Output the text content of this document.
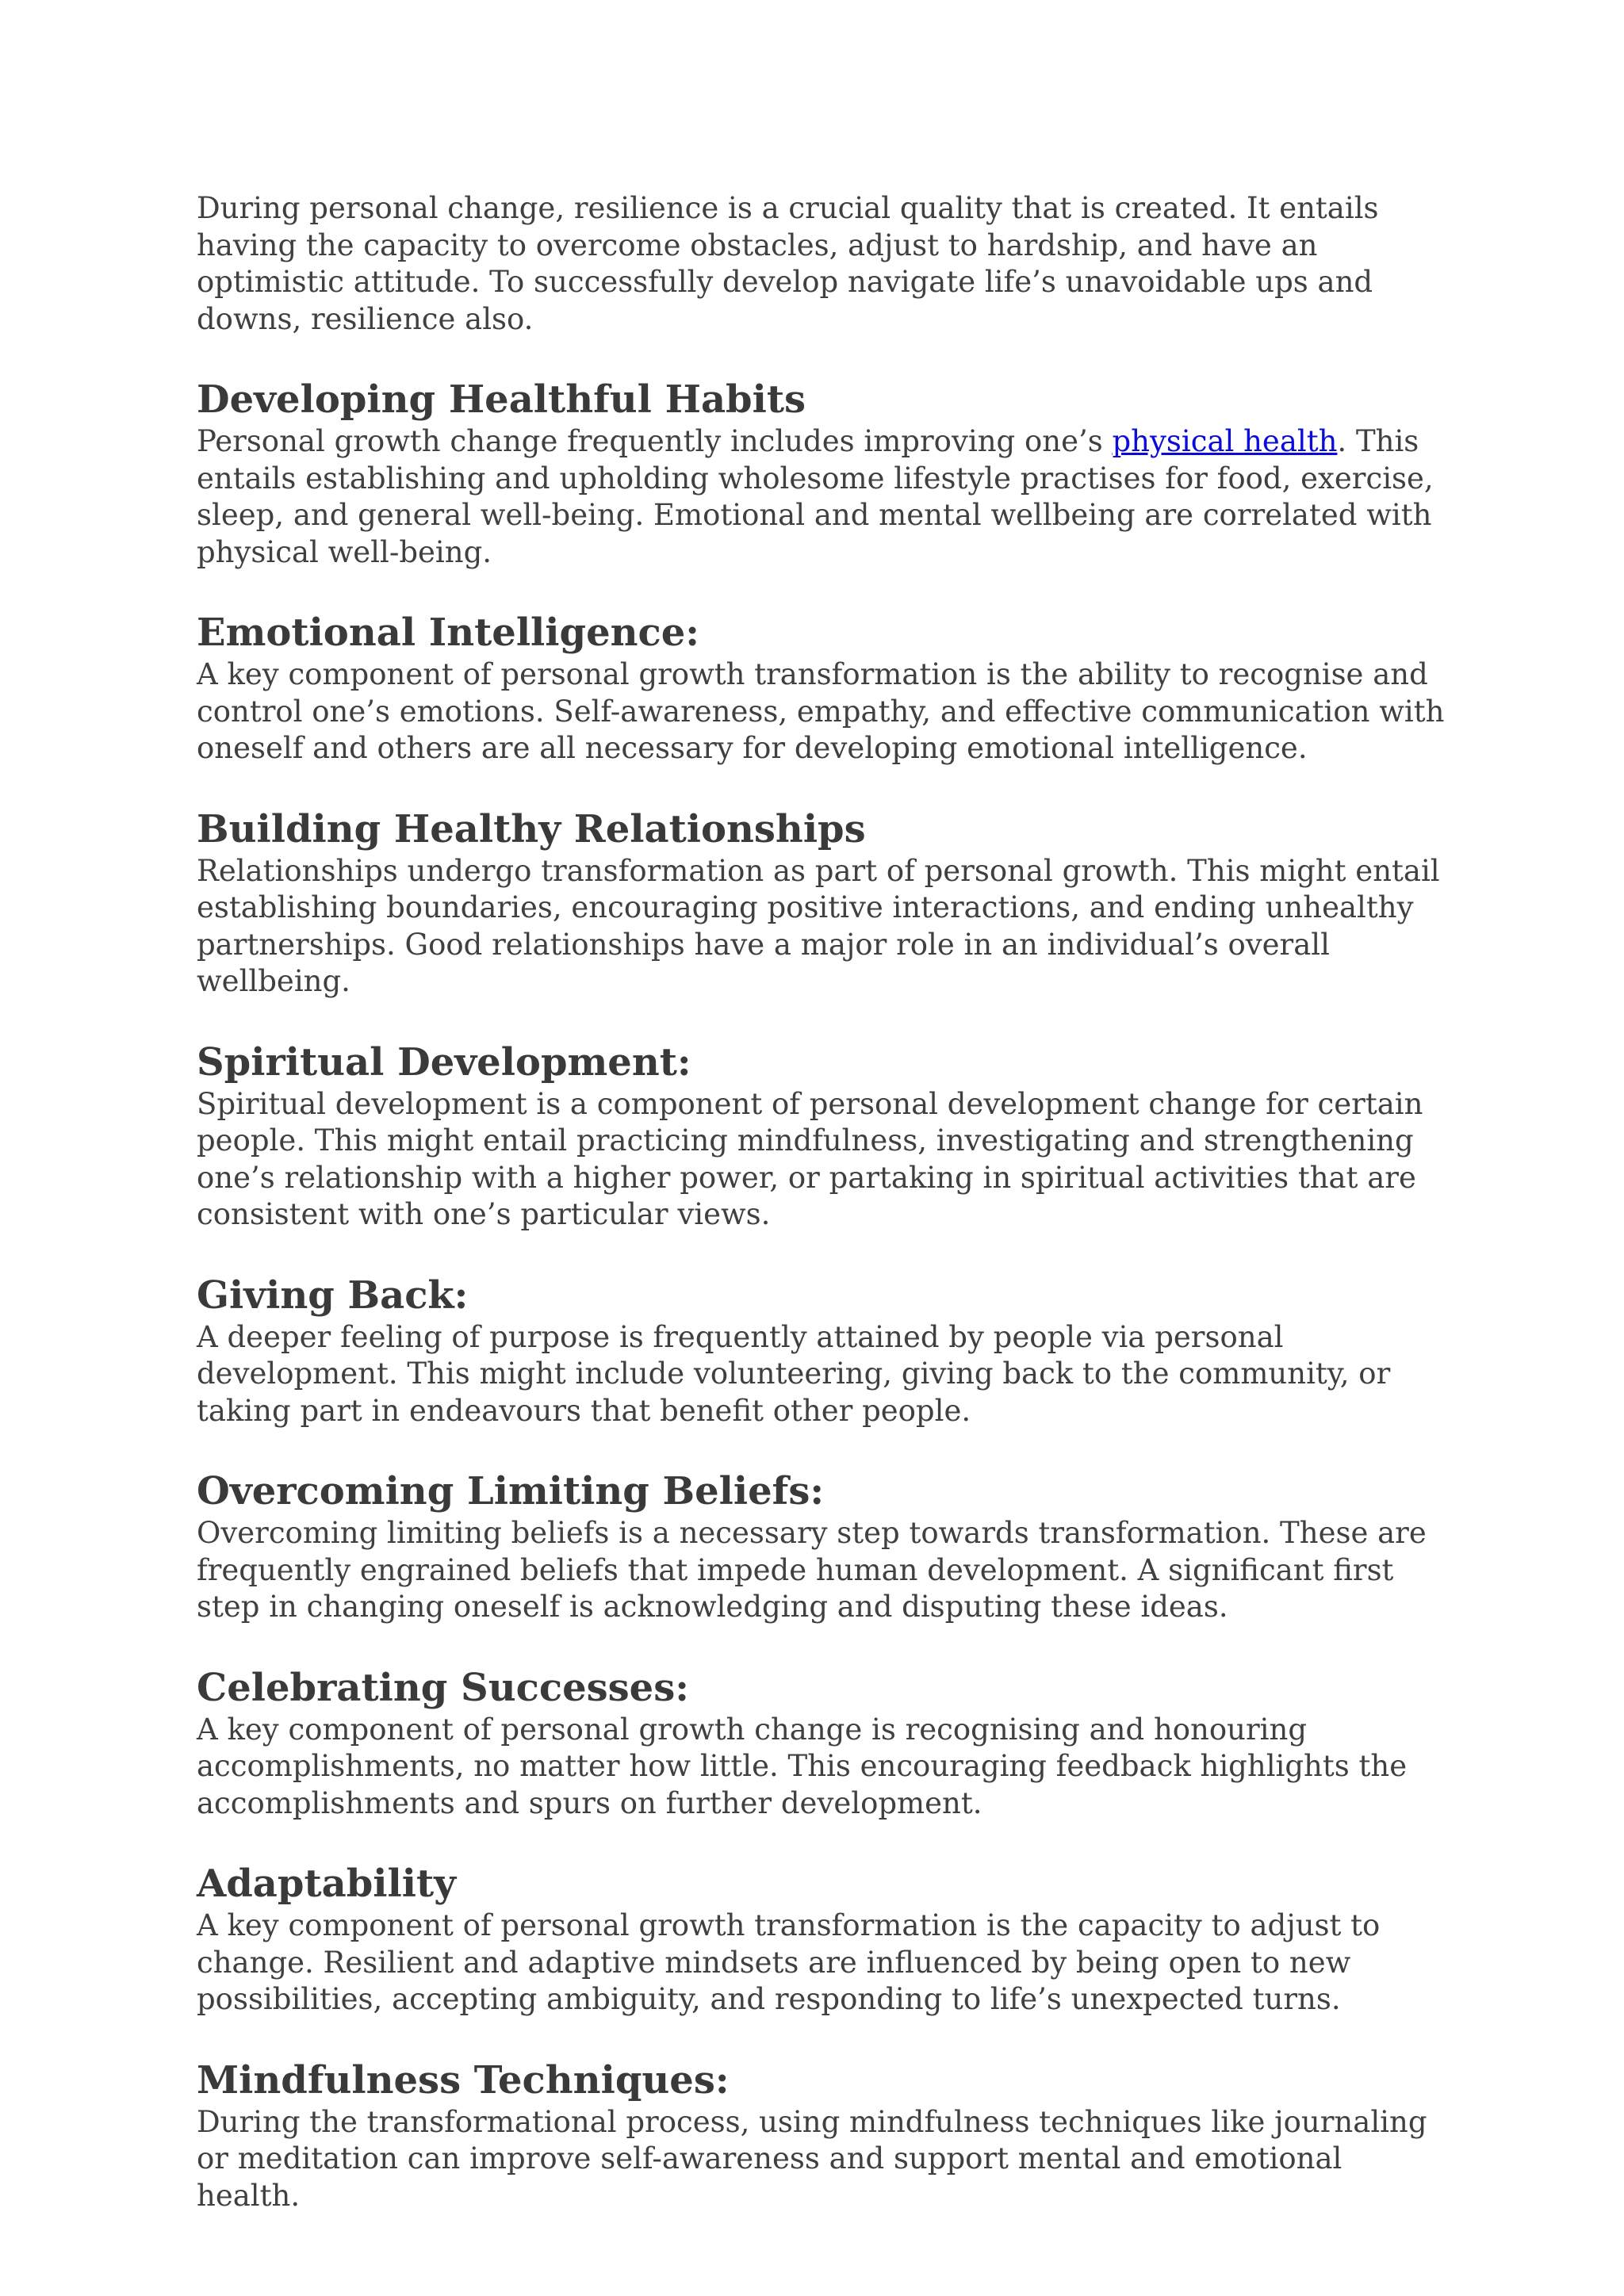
During personal change, resilience is a crucial quality that is created. It entails having the capacity to overcome obstacles, adjust to hardship, and have an optimistic attitude. To successfully develop navigate life’s unavoidable ups and downs, resilience also.

Developing Healthful Habits

Personal growth change frequently includes improving one’s physical health. This entails establishing and upholding wholesome lifestyle practises for food, exercise, sleep, and general well-being. Emotional and mental wellbeing are correlated with physical well-being.

Emotional Intelligence:

A key component of personal growth transformation is the ability to recognise and control one’s emotions. Self-awareness, empathy, and effective communication with oneself and others are all necessary for developing emotional intelligence.

Building Healthy Relationships

Relationships undergo transformation as part of personal growth. This might entail establishing boundaries, encouraging positive interactions, and ending unhealthy partnerships. Good relationships have a major role in an individual’s overall wellbeing.

Spiritual Development:

Spiritual development is a component of personal development change for certain people. This might entail practicing mindfulness, investigating and strengthening one’s relationship with a higher power, or partaking in spiritual activities that are consistent with one’s particular views.

Giving Back:

A deeper feeling of purpose is frequently attained by people via personal development. This might include volunteering, giving back to the community, or taking part in endeavours that benefit other people.

Overcoming Limiting Beliefs:

Overcoming limiting beliefs is a necessary step towards transformation. These are frequently engrained beliefs that impede human development. A significant first step in changing oneself is acknowledging and disputing these ideas.

Celebrating Successes:

A key component of personal growth change is recognising and honouring accomplishments, no matter how little. This encouraging feedback highlights the accomplishments and spurs on further development.

Adaptability

A key component of personal growth transformation is the capacity to adjust to change. Resilient and adaptive mindsets are influenced by being open to new possibilities, accepting ambiguity, and responding to life’s unexpected turns.

Mindfulness Techniques:

During the transformational process, using mindfulness techniques like journaling or meditation can improve self-awareness and support mental and emotional health.
